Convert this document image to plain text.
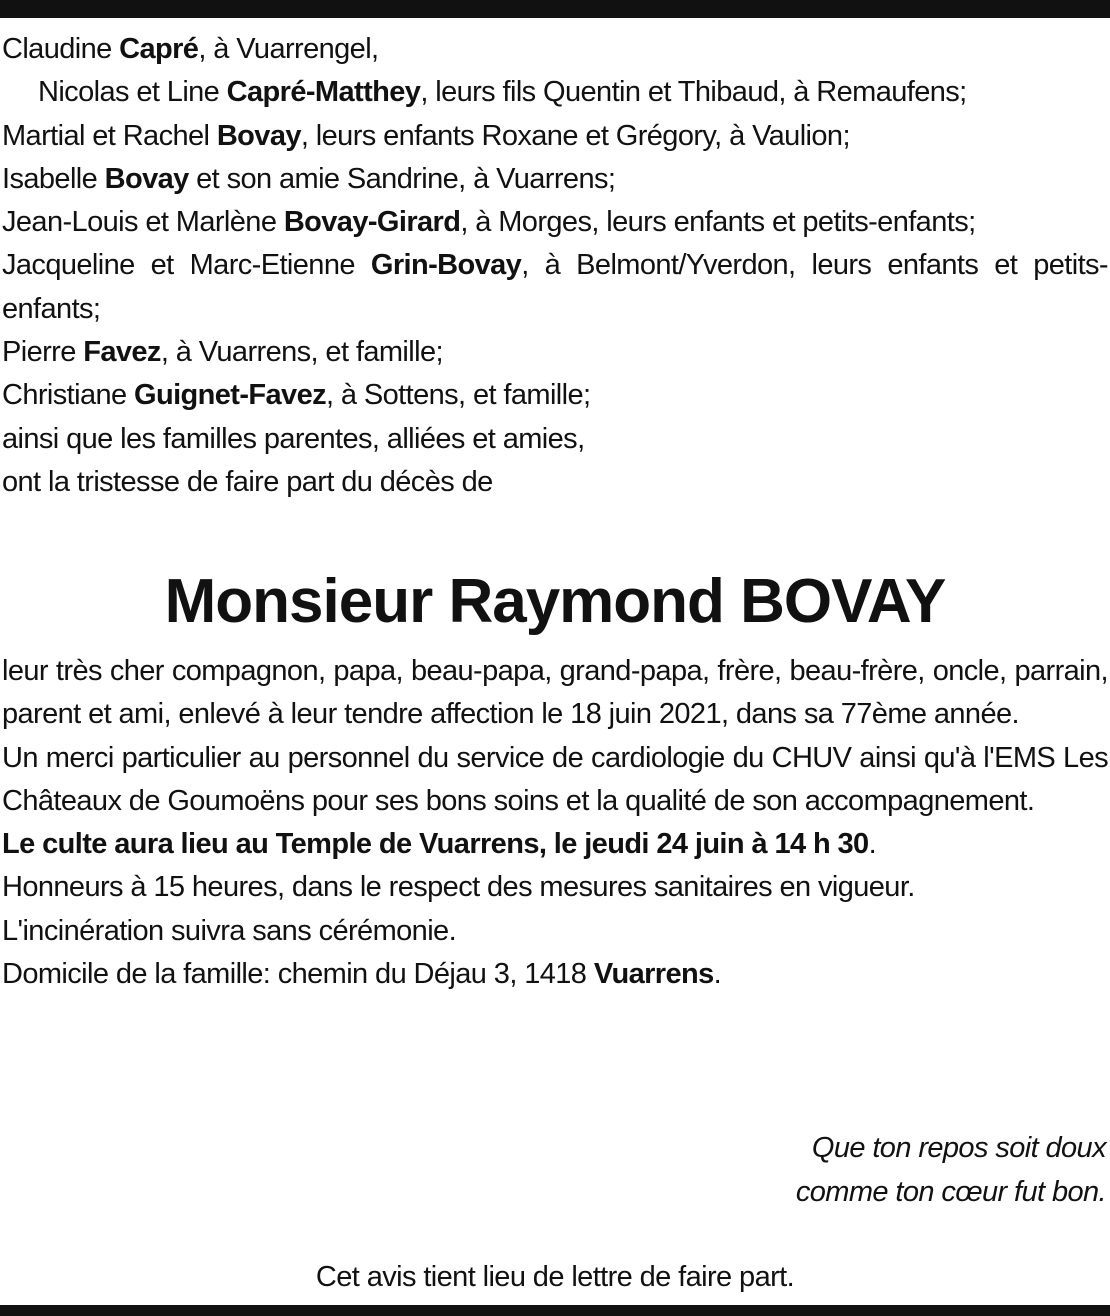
Claudine Capré, à Vuarrengel,

Nicolas et Line Capré-Matthey, leurs fils Quentin et Thibaud, à Remaufens;

Martial et Rachel Bovay, leurs enfants Roxane et Grégory, à Vaulion;

Isabelle Bovay et son amie Sandrine, à Vuarrens;

Jean-Louis et Marlène Bovay-Girard, à Morges, leurs enfants et petits-enfants;

Jacqueline et Marc-Etienne Grin-Bovay, à Belmont/Yverdon, leurs enfants et petits-enfants;

Pierre Favez, à Vuarrens, et famille;

Christiane Guignet-Favez, à Sottens, et famille;

ainsi que les familles parentes, alliées et amies,

ont la tristesse de faire part du décès de

Monsieur Raymond BOVAY

leur très cher compagnon, papa, beau-papa, grand-papa, frère, beau-frère, oncle, parrain, parent et ami, enlevé à leur tendre affection le 18 juin 2021, dans sa 77ème année.

Un merci particulier au personnel du service de cardiologie du CHUV ainsi qu'à l'EMS Les Châteaux de Goumoëns pour ses bons soins et la qualité de son accompagnement.

Le culte aura lieu au Temple de Vuarrens, le jeudi 24 juin à 14 h 30.

Honneurs à 15 heures, dans le respect des mesures sanitaires en vigueur.

L'incinération suivra sans cérémonie.

Domicile de la famille: chemin du Déjau 3, 1418 Vuarrens.

Que ton repos soit doux

comme ton cœur fut bon.

Cet avis tient lieu de lettre de faire part.
